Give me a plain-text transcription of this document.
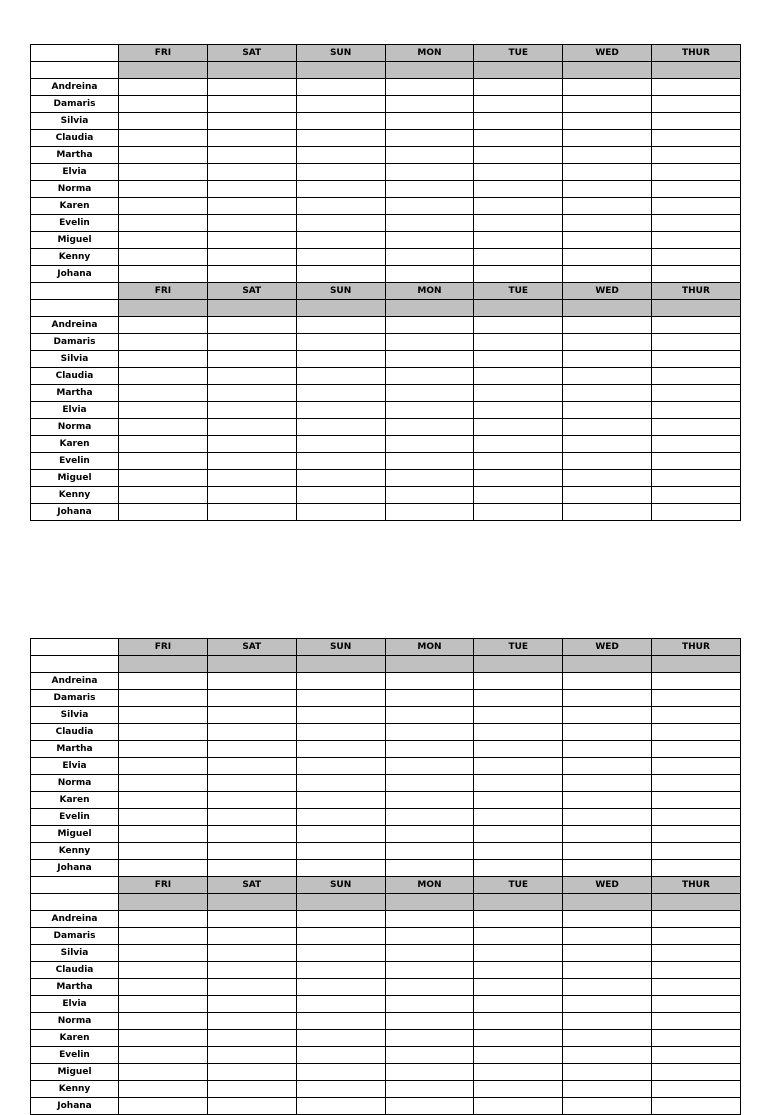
	FRI	SAT	SUN	MON	TUE	WED	THUR

Andreina							
Damaris							
Silvia							
Claudia							
Martha							
Elvia							
Norma							
Karen							
Evelin							
Miguel							
Kenny							
Johana							
	FRI	SAT	SUN	MON	TUE	WED	THUR

Andreina							
Damaris							
Silvia							
Claudia							
Martha							
Elvia							
Norma							
Karen							
Evelin							
Miguel							
Kenny							
Johana							
	FRI	SAT	SUN	MON	TUE	WED	THUR

Andreina							
Damaris							
Silvia							
Claudia							
Martha							
Elvia							
Norma							
Karen							
Evelin							
Miguel							
Kenny							
Johana							
	FRI	SAT	SUN	MON	TUE	WED	THUR

Andreina							
Damaris							
Silvia							
Claudia							
Martha							
Elvia							
Norma							
Karen							
Evelin							
Miguel							
Kenny							
Johana							
